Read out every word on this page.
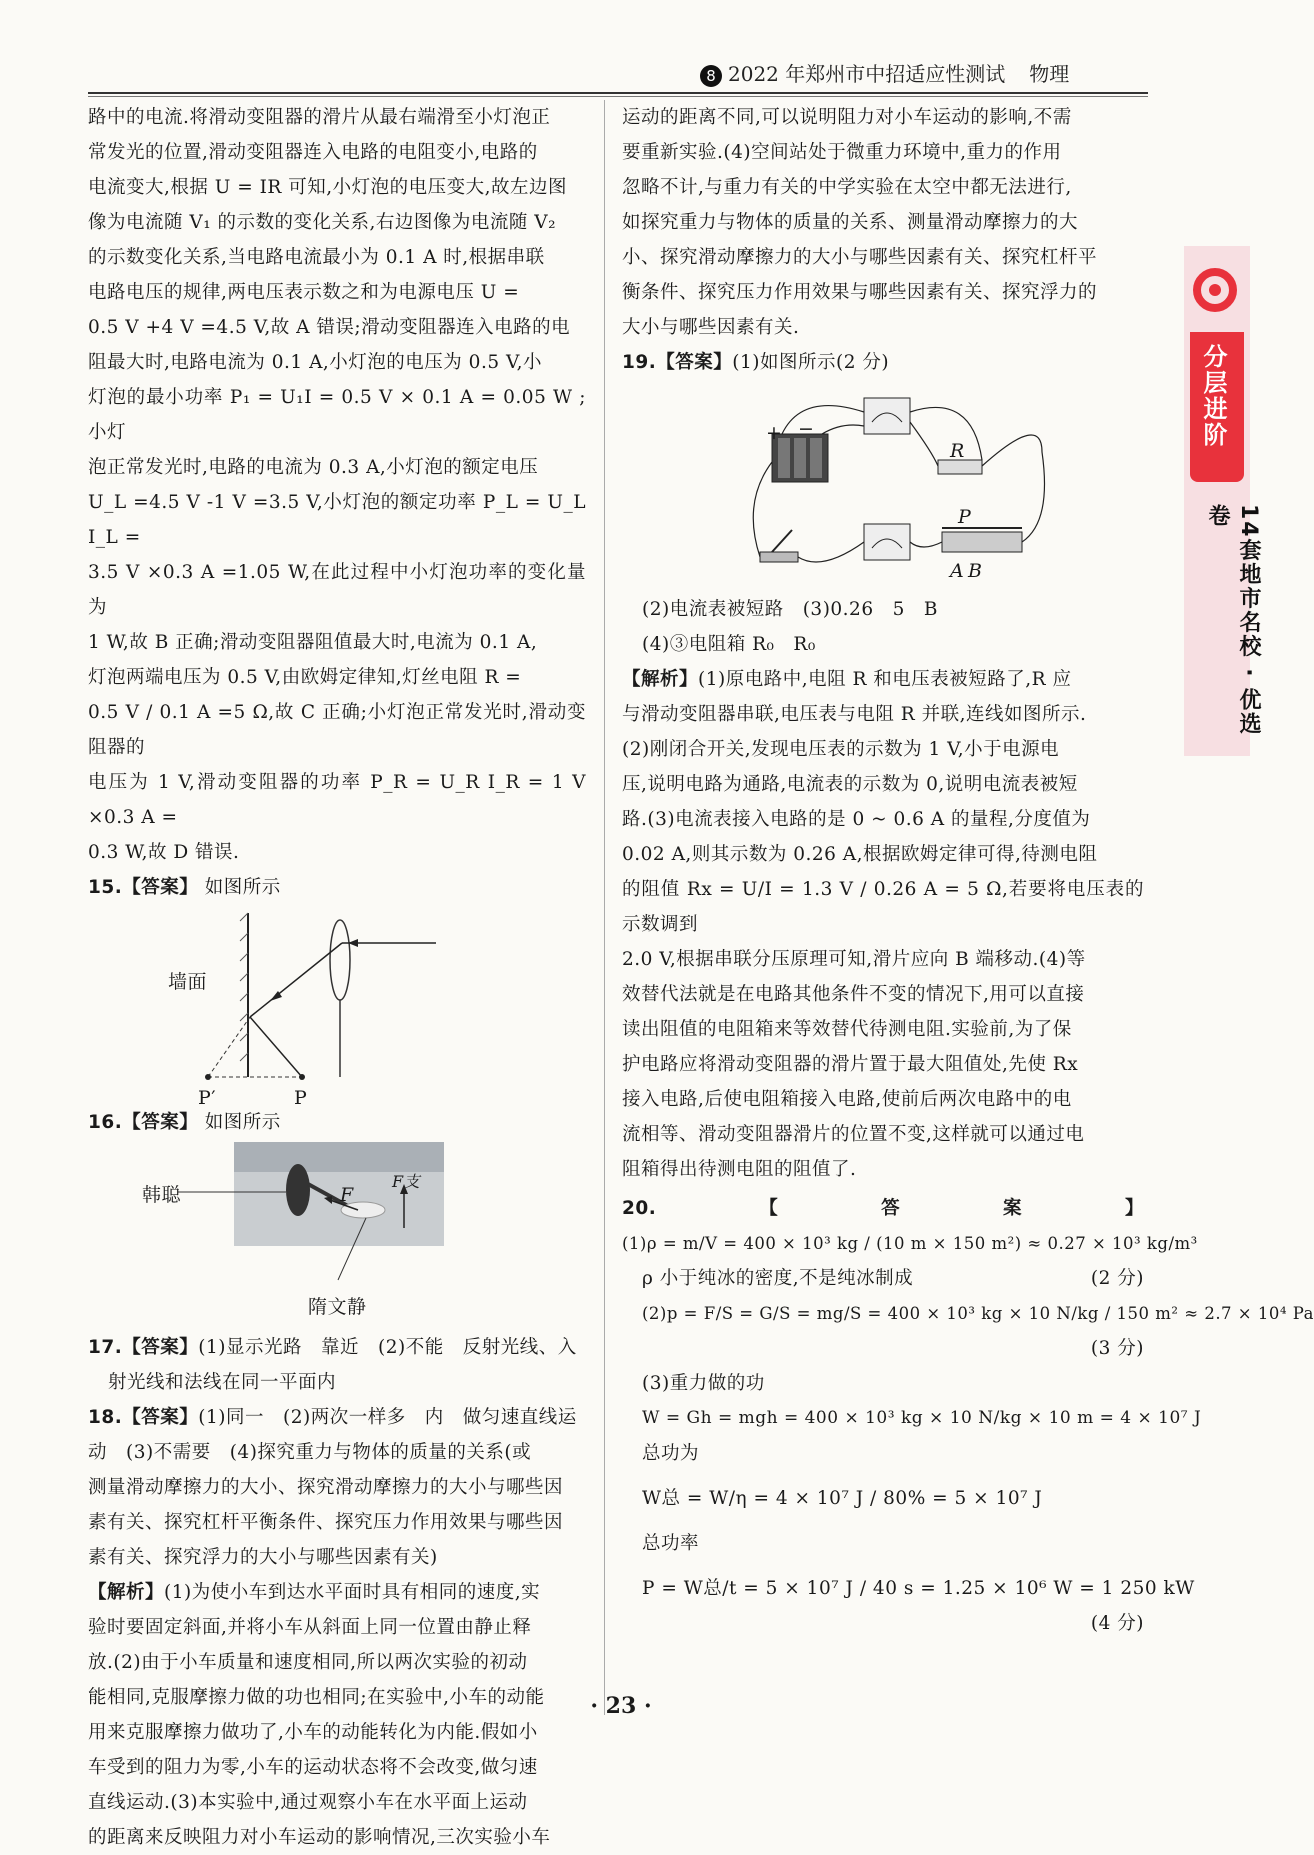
8 2022 年郑州市中招适应性测试 物理
分层进阶
14套地市名校 · 优选卷

路中的电流.将滑动变阻器的滑片从最右端滑至小灯泡正

常发光的位置,滑动变阻器连入电路的电阻变小,电路的

电流变大,根据 U = IR 可知,小灯泡的电压变大,故左边图

像为电流随 V₁ 的示数的变化关系,右边图像为电流随 V₂

的示数变化关系,当电路电流最小为 0.1 A 时,根据串联

电路电压的规律,两电压表示数之和为电源电压 U =

0.5 V +4 V =4.5 V,故 A 错误;滑动变阻器连入电路的电

阻最大时,电路电流为 0.1 A,小灯泡的电压为 0.5 V,小

灯泡的最小功率 P₁ = U₁I = 0.5 V × 0.1 A = 0.05 W ;小灯

泡正常发光时,电路的电流为 0.3 A,小灯泡的额定电压

U_L =4.5 V -1 V =3.5 V,小灯泡的额定功率 P_L = U_L I_L =

3.5 V ×0.3 A =1.05 W,在此过程中小灯泡功率的变化量为

1 W,故 B 正确;滑动变阻器阻值最大时,电流为 0.1 A,

灯泡两端电压为 0.5 V,由欧姆定律知,灯丝电阻 R =

0.5 V / 0.1 A =5 Ω,故 C 正确;小灯泡正常发光时,滑动变阻器的

电压为 1 V,滑动变阻器的功率 P_R = U_R I_R = 1 V ×0.3 A =

0.3 W,故 D 错误.

15.【答案】 如图所示

墙面
P′	P

16.【答案】 如图所示

韩聪	F
F支
隋文静

17.【答案】(1)显示光路　靠近　(2)不能　反射光线、入

射光线和法线在同一平面内

18.【答案】(1)同一　(2)两次一样多　内　做匀速直线运

动　(3)不需要　(4)探究重力与物体的质量的关系(或

测量滑动摩擦力的大小、探究滑动摩擦力的大小与哪些因

素有关、探究杠杆平衡条件、探究压力作用效果与哪些因

素有关、探究浮力的大小与哪些因素有关)

【解析】(1)为使小车到达水平面时具有相同的速度,实

验时要固定斜面,并将小车从斜面上同一位置由静止释

放.(2)由于小车质量和速度相同,所以两次实验的初动

能相同,克服摩擦力做的功也相同;在实验中,小车的动能

用来克服摩擦力做功了,小车的动能转化为内能.假如小

车受到的阻力为零,小车的运动状态将不会改变,做匀速

直线运动.(3)本实验中,通过观察小车在水平面上运动

的距离来反映阻力对小车运动的影响情况,三次实验小车

运动的距离不同,可以说明阻力对小车运动的影响,不需

要重新实验.(4)空间站处于微重力环境中,重力的作用

忽略不计,与重力有关的中学实验在太空中都无法进行,

如探究重力与物体的质量的关系、测量滑动摩擦力的大

小、探究滑动摩擦力的大小与哪些因素有关、探究杠杆平

衡条件、探究压力作用效果与哪些因素有关、探究浮力的

大小与哪些因素有关.

19.【答案】(1)如图所示(2 分)

+ −
R
P
A B

(2)电流表被短路　(3)0.26　5　B

(4)③电阻箱 R₀　R₀

【解析】(1)原电路中,电阻 R 和电压表被短路了,R 应

与滑动变阻器串联,电压表与电阻 R 并联,连线如图所示.

(2)刚闭合开关,发现电压表的示数为 1 V,小于电源电

压,说明电路为通路,电流表的示数为 0,说明电流表被短

路.(3)电流表接入电路的是 0 ~ 0.6 A 的量程,分度值为

0.02 A,则其示数为 0.26 A,根据欧姆定律可得,待测电阻

的阻值 Rx = U/I = 1.3 V / 0.26 A = 5 Ω,若要将电压表的示数调到

2.0 V,根据串联分压原理可知,滑片应向 B 端移动.(4)等

效替代法就是在电路其他条件不变的情况下,用可以直接

读出阻值的电阻箱来等效替代待测电阻.实验前,为了保

护电路应将滑动变阻器的滑片置于最大阻值处,先使 Rx

接入电路,后使电阻箱接入电路,使前后两次电路中的电

流相等、滑动变阻器滑片的位置不变,这样就可以通过电

阻箱得出待测电阻的阻值了.

20.【答案】(1)ρ = m/V = 400 × 10³ kg / (10 m × 150 m²) ≈ 0.27 × 10³ kg/m³

ρ 小于纯冰的密度,不是纯冰制成	(2 分)

(2)p = F/S = G/S = mg/S = 400 × 10³ kg × 10 N/kg / 150 m² ≈ 2.7 × 10⁴ Pa

(3 分)

(3)重力做的功

W = Gh = mgh = 400 × 10³ kg × 10 N/kg × 10 m = 4 × 10⁷ J

总功为

W总 = W/η = 4 × 10⁷ J / 80% = 5 × 10⁷ J

总功率

P = W总/t = 5 × 10⁷ J / 40 s = 1.25 × 10⁶ W = 1 250 kW
(4 分)

· 23 ·
